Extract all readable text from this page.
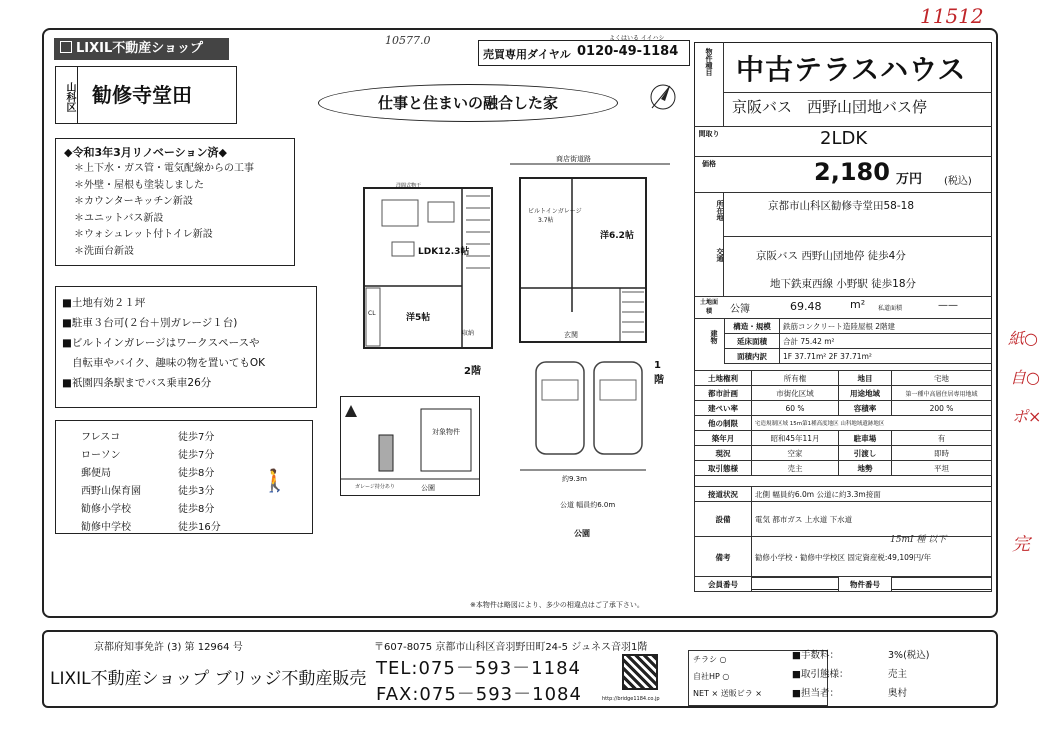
11512
10577.0
紙○
自○
ポ×
完
LIXIL不動産ショップ
山科区 勧修寺堂田
売買専用ダイヤル 0120-49-1184
よくはいる イイハシ
仕事と住まいの融合した家
◆令和3年3月リノベーション済◆
＊上下水・ガス管・電気配線からの工事
＊外壁・屋根も塗装しました
＊カウンターキッチン新設
＊ユニットバス新設
＊ウォシュレット付トイレ新設
＊洗面台新設
■土地有効２１坪
■駐車３台可(２台＋別ガレージ１台)
■ビルトインガレージはワークスペースや
自転車やバイク、趣味の物を置いてもOK
■祇園四条駅までバス乗車26分
フレスコ	徒歩7分
ローソン	徒歩7分
郵便局	徒歩8分
西野山保育園	徒歩3分
勧修小学校	徒歩8分
勧修中学校	徒歩16分
🚶
洋間式物干
LDK12.3帖
洋5帖
CL
収納
2階
商店街道路
ビルトインガレージ
3.7帖
洋6.2帖
玄関
1階
約9.3m
公道 幅員約6.0m
公園
対象物件
ガレージ持分あり	公園
※本物件は略図により、多少の相違点はご了承下さい。
15mⅠ 種 以下
物件種目 中古テラスハウス
京阪バス　西野山団地バス停
間取り	2LDK
価格	2,180 万円 (税込)
所在地	京都市山科区勧修寺堂田58-18
交通	京阪バス 西野山団地停 徒歩4分
地下鉄東西線 小野駅 徒歩18分
土地面積	公簿	69.48	m² 私道面積	——
建物
構造・規模	鉄筋コンクリート造陸屋根 2階建
延床面積	合計 75.42 m²
面積内訳	1F 37.71m² 2F 37.71m²
土地権利	所有権	地目	宅地
都市計画	市街化区域	用途地域	第一種中高層住居専用地域
建ぺい率	60 %	容積率	200 %
他の制限	宅造規制区域 15m第1種高度地区 山科地域遺跡地区		
築年月	昭和45年11月	駐車場	有
現況	空家	引渡し	即時
取引態様	売主	地勢	平坦
接道状況	北側 幅員約6.0m 公道に約3.3m接面
設備	電気 都市ガス 上水道 下水道
備考	勧修小学校・勧修中学校区 固定資産税:49,109円/年
会員番号		物件番号	
京都府知事免許 (3) 第 12964 号	〒607-8075 京都市山科区音羽野田町24-5 ジュネス音羽1階
LIXIL不動産ショップ ブリッジ不動産販売 TEL:075－593－1184
FAX:075－593－1084	http://bridge1184.co.jp
チラシ ○
自社HP ○
NET × 送販ビラ ×
■手数料：	3%(税込)
■取引態様：	売主
■担当者：	奥村
